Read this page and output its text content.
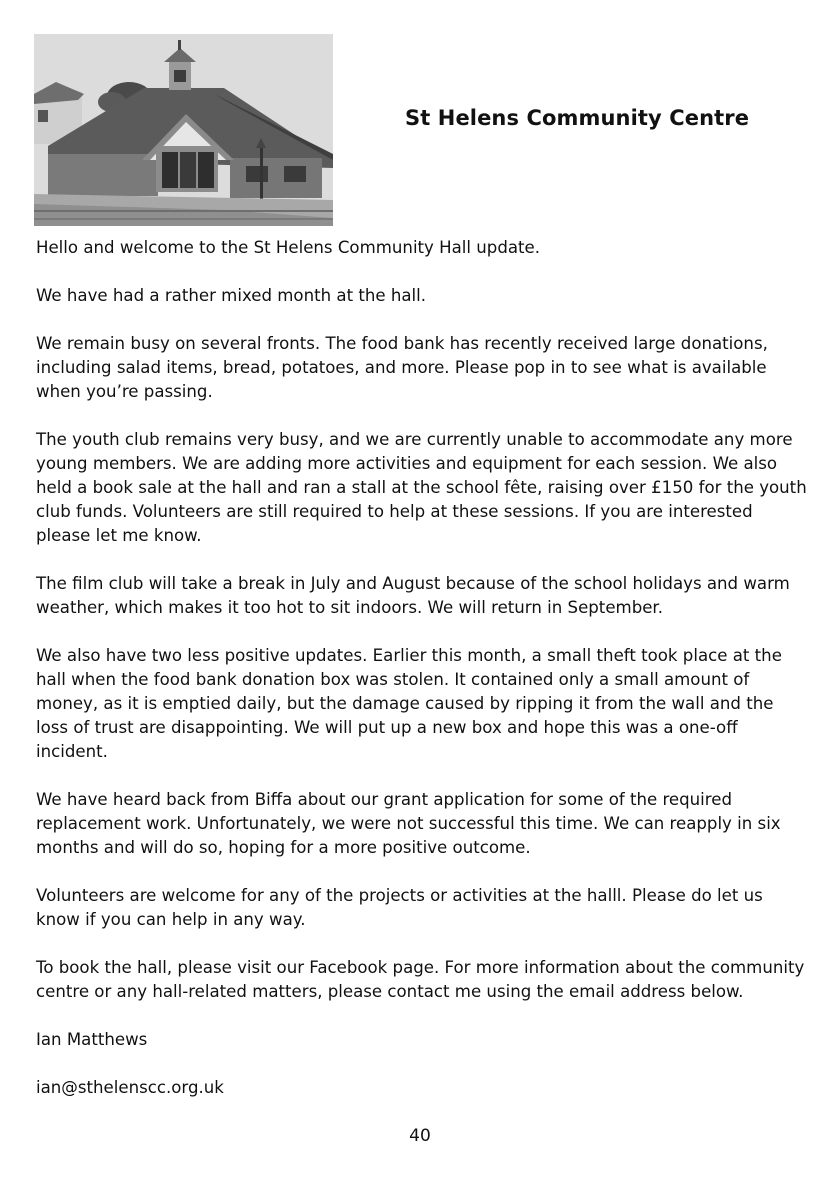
St Helens Community Centre

Hello and welcome to the St Helens Community Hall update.

We have had a rather mixed month at the hall.

We remain busy on several fronts. The food bank has recently received large donations, including salad items, bread, potatoes, and more. Please pop in to see what is available when you’re passing.

The youth club remains very busy, and we are currently unable to accommodate any more young members. We are adding more activities and equipment for each session. We also held a book sale at the hall and ran a stall at the school fête, raising over £150 for the youth club funds. Volunteers are still required to help at these sessions. If you are interested please let me know.

The film club will take a break in July and August because of the school holidays and warm weather, which makes it too hot to sit indoors. We will return in September.

We also have two less positive updates. Earlier this month, a small theft took place at the hall when the food bank donation box was stolen. It contained only a small amount of money, as it is emptied daily, but the damage caused by ripping it from the wall and the loss of trust are disappointing. We will put up a new box and hope this was a one-off incident.

We have heard back from Biffa about our grant application for some of the required replacement work. Unfortunately, we were not successful this time. We can reapply in six months and will do so, hoping for a more positive outcome.

Volunteers are welcome for any of the projects or activities at the halll. Please do let us know if you can help in any way.

To book the hall, please visit our Facebook page. For more information about the community centre or any hall-related matters, please contact me using the email address below.

Ian Matthews

ian@sthelenscc.org.uk

40
